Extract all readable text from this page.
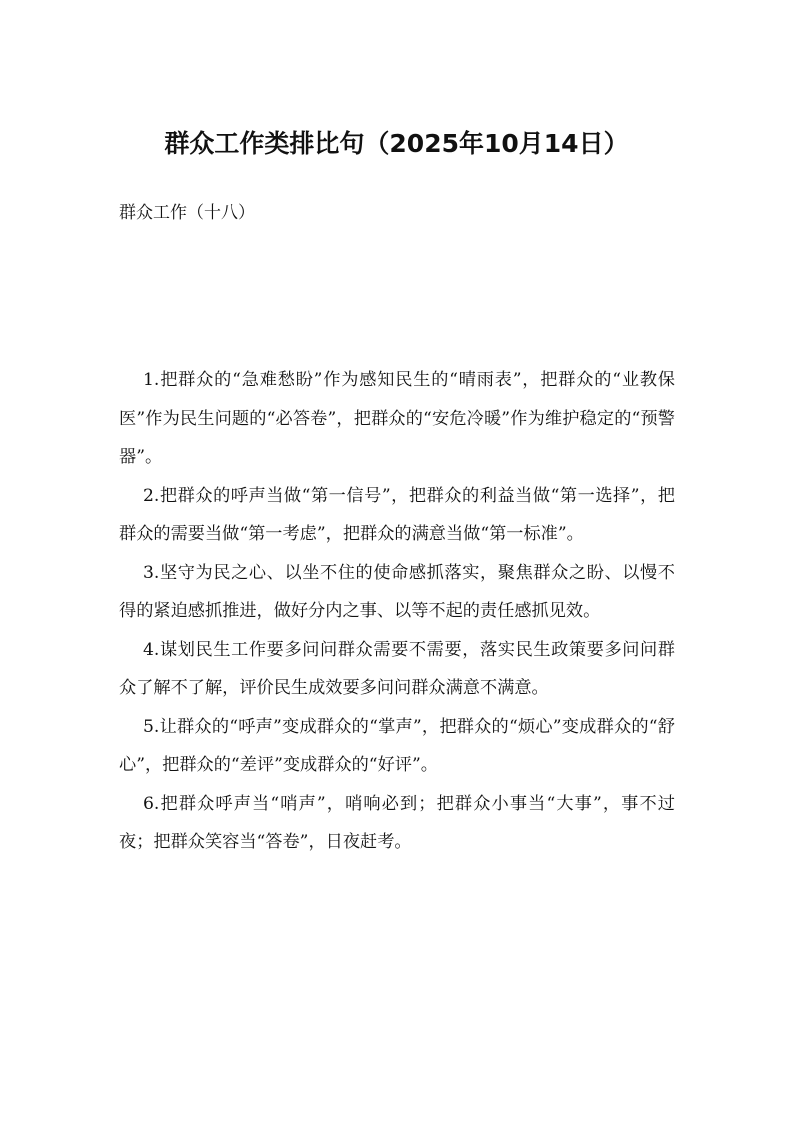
群众工作类排比句（2025年10月14日）

群众工作（十八）

1.把群众的“急难愁盼”作为感知民生的“晴雨表”，把群众的“业教保医”作为民生问题的“必答卷”，把群众的“安危冷暖”作为维护稳定的“预警器”。

2.把群众的呼声当做“第一信号”，把群众的利益当做“第一选择”，把群众的需要当做“第一考虑”，把群众的满意当做“第一标准”。

3.坚守为民之心、以坐不住的使命感抓落实，聚焦群众之盼、以慢不得的紧迫感抓推进，做好分内之事、以等不起的责任感抓见效。

4.谋划民生工作要多问问群众需要不需要，落实民生政策要多问问群众了解不了解，评价民生成效要多问问群众满意不满意。

5.让群众的“呼声”变成群众的“掌声”，把群众的“烦心”变成群众的“舒心”，把群众的“差评”变成群众的“好评”。

6.把群众呼声当“哨声”，哨响必到；把群众小事当“大事”，事不过夜；把群众笑容当“答卷”，日夜赶考。
